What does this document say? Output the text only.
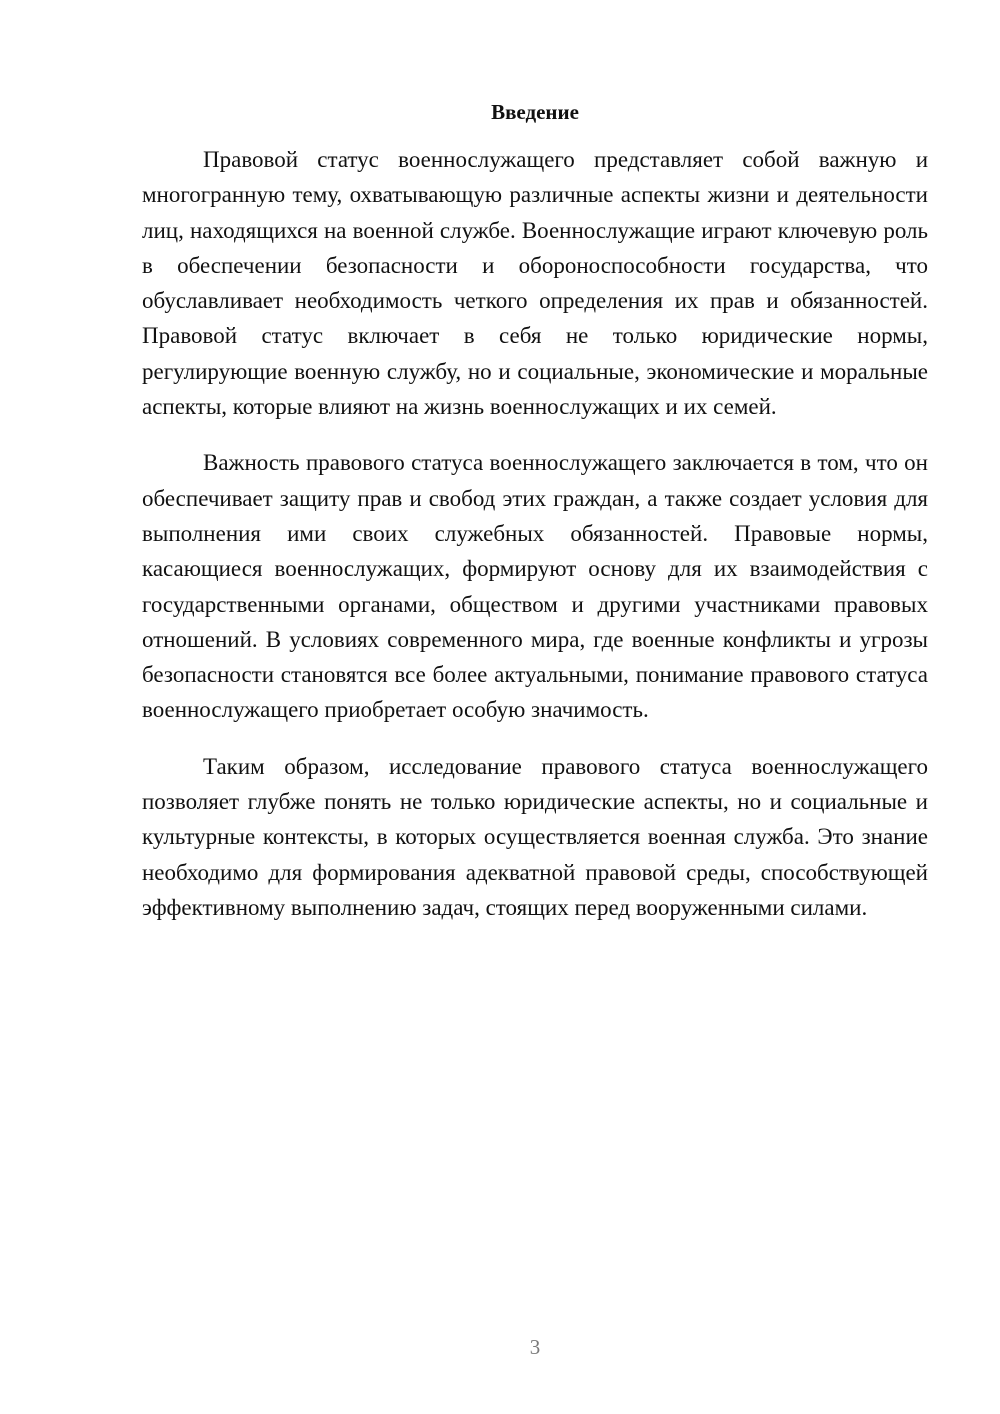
Введение

Правовой статус военнослужащего представляет собой важную и многогранную тему, охватывающую различные аспекты жизни и деятельности лиц, находящихся на военной службе. Военнослужащие играют ключевую роль в обеспечении безопасности и обороноспособности государства, что обуславливает необходимость четкого определения их прав и обязанностей. Правовой статус включает в себя не только юридические нормы, регулирующие военную службу, но и социальные, экономические и моральные аспекты, которые влияют на жизнь военнослужащих и их семей.

Важность правового статуса военнослужащего заключается в том, что он обеспечивает защиту прав и свобод этих граждан, а также создает условия для выполнения ими своих служебных обязанностей. Правовые нормы, касающиеся военнослужащих, формируют основу для их взаимодействия с государственными органами, обществом и другими участниками правовых отношений. В условиях современного мира, где военные конфликты и угрозы безопасности становятся все более актуальными, понимание правового статуса военнослужащего приобретает особую значимость.

Таким образом, исследование правового статуса военнослужащего позволяет глубже понять не только юридические аспекты, но и социальные и культурные контексты, в которых осуществляется военная служба. Это знание необходимо для формирования адекватной правовой среды, способствующей эффективному выполнению задач, стоящих перед вооруженными силами.

3
